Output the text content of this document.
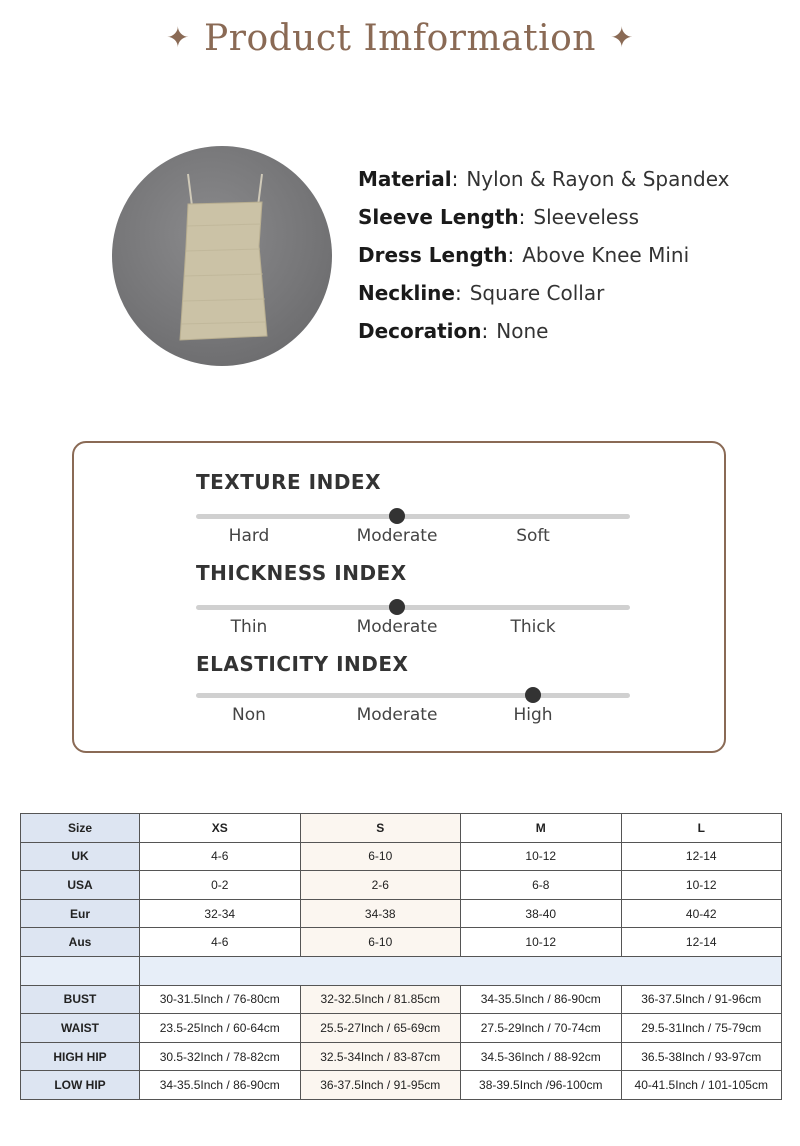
✦ Product Imformation ✦
Material: Nylon & Rayon & Spandex
Sleeve Length: Sleeveless
Dress Length: Above Knee Mini
Neckline: Square Collar
Decoration: None
TEXTURE INDEX
Hard	Moderate	Soft
THICKNESS INDEX
Thin	Moderate	Thick
ELASTICITY INDEX
Non	Moderate	High
Size	XS	S	M	L
UK	4-6	6-10	10-12	12-14
USA	0-2	2-6	6-8	10-12
Eur	32-34	34-38	38-40	40-42
Aus	4-6	6-10	10-12	12-14

BUST	30-31.5Inch / 76-80cm	32-32.5Inch / 81.85cm	34-35.5Inch / 86-90cm	36-37.5Inch / 91-96cm
WAIST	23.5-25Inch / 60-64cm	25.5-27Inch / 65-69cm	27.5-29Inch / 70-74cm	29.5-31Inch / 75-79cm
HIGH HIP	30.5-32Inch / 78-82cm	32.5-34Inch / 83-87cm	34.5-36Inch / 88-92cm	36.5-38Inch / 93-97cm
LOW HIP	34-35.5Inch / 86-90cm	36-37.5Inch / 91-95cm	38-39.5Inch /96-100cm	40-41.5Inch / 101-105cm
